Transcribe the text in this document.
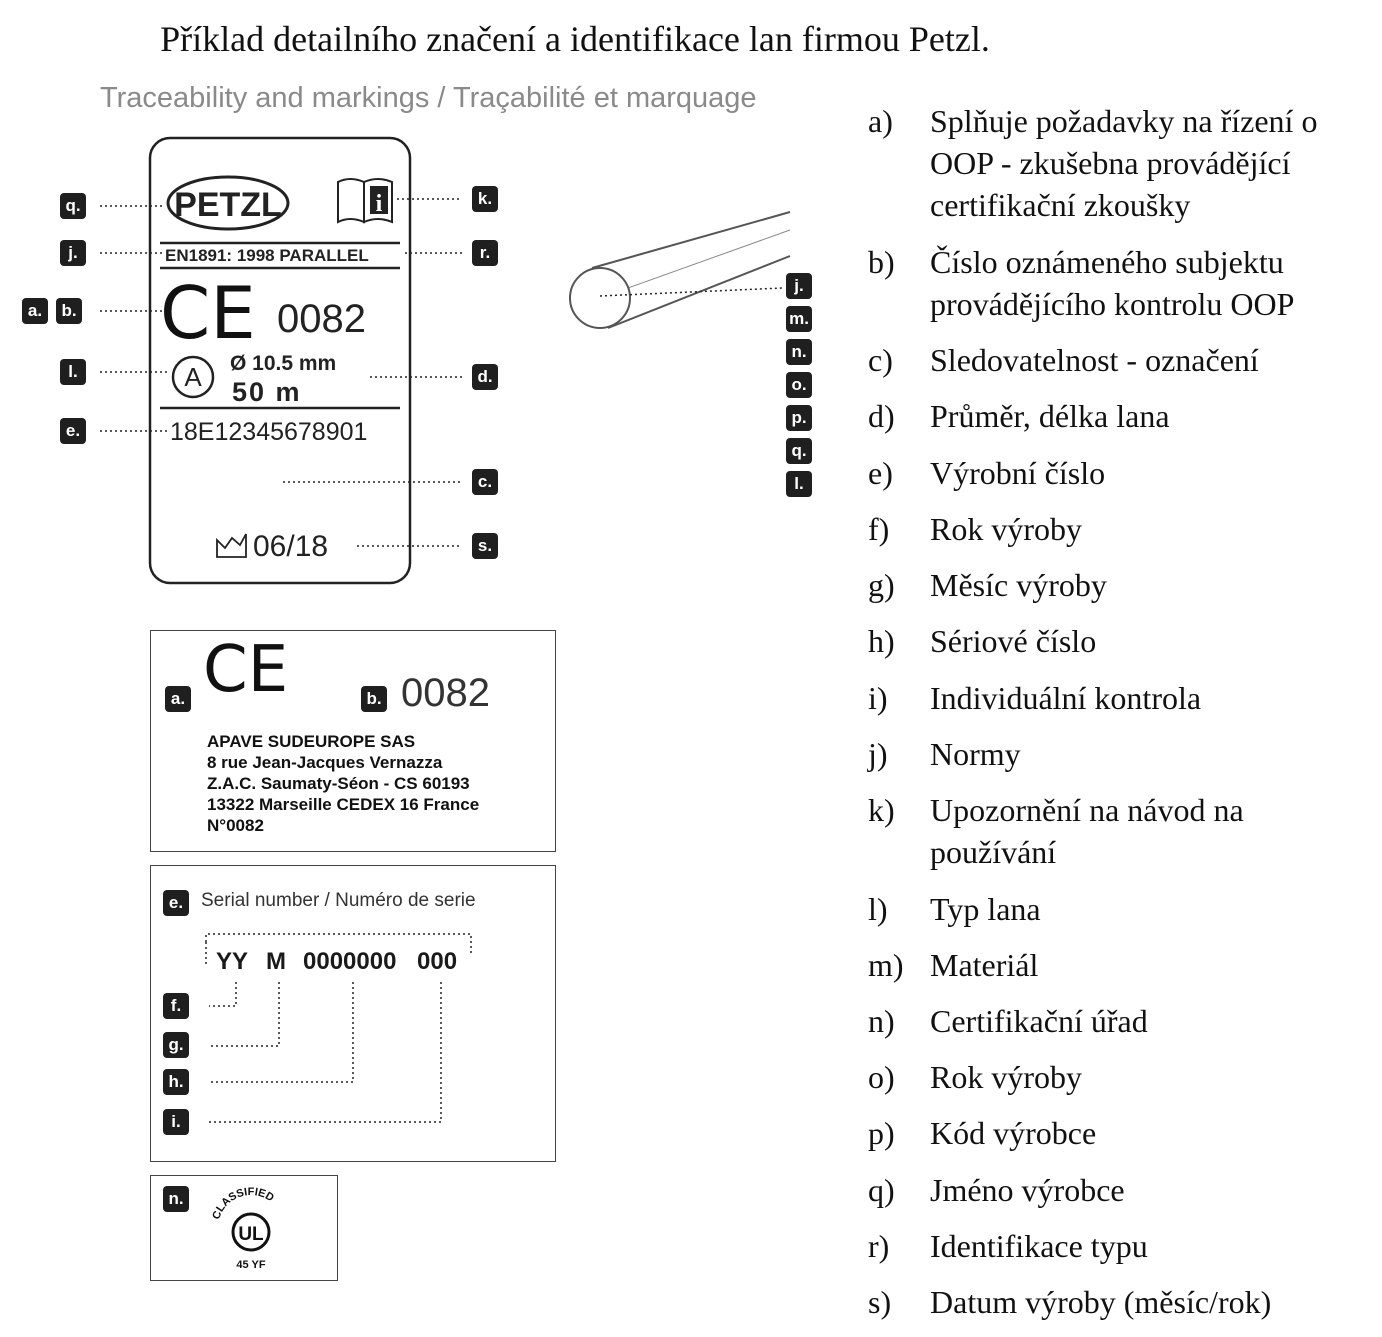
Příklad detailního značení a identifikace lan firmou Petzl.
Traceability and markings / Traçabilité et marquage
PETZL	i
EN1891: 1998 PARALLEL
CE 0082
A Ø 10.5 mm
50 m
18E12345678901
06/18
q.
j.
a.	b.
l.
e.
k.
r.
d.
c.
s.
j.
m.
n.
o.
p.
q.
l.
a. CE	b. 0082
APAVE SUDEUROPE SAS
8 rue Jean-Jacques Vernazza
Z.A.C. Saumaty-Séon - CS 60193
13322 Marseille CEDEX 16 France
N°0082
e. Serial number / Numéro de serie
YY M 0000000 000
f.
g.
h.
i.
n.
CLASSIFIED
UL
45 YF
a)	Splňuje požadavky na řízení o OOP - zkušebna provádějící certifikační zkoušky
b)	Číslo oznámeného subjektu provádějícího kontrolu OOP
c)	Sledovatelnost - označení
d)	Průměr, délka lana
e)	Výrobní číslo
f)	Rok výroby
g)	Měsíc výroby
h)	Sériové číslo
i)	Individuální kontrola
j)	Normy
k)	Upozornění na návod na používání
l)	Typ lana
m) Materiál
n)	Certifikační úřad
o)	Rok výroby
p)	Kód výrobce
q)	Jméno výrobce
r)	Identifikace typu
s)	Datum výroby (měsíc/rok)
